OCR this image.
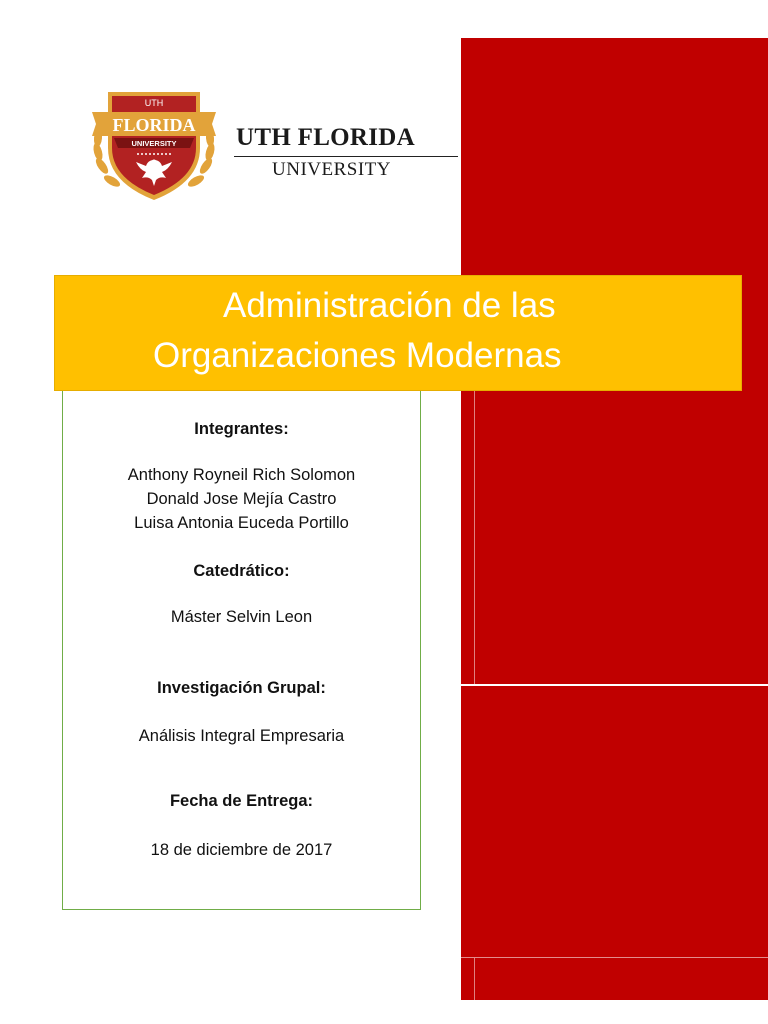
UTH
FLORIDA
UNIVERSITY UTH FLORIDA
UNIVERSITY
Administración de las
Organizaciones Modernas
Integrantes:
Anthony Royneil Rich Solomon
Donald Jose Mejía Castro
Luisa Antonia Euceda Portillo
Catedrático:
Máster Selvin Leon
Investigación Grupal:
Análisis Integral Empresaria
Fecha de Entrega:
18 de diciembre de 2017
